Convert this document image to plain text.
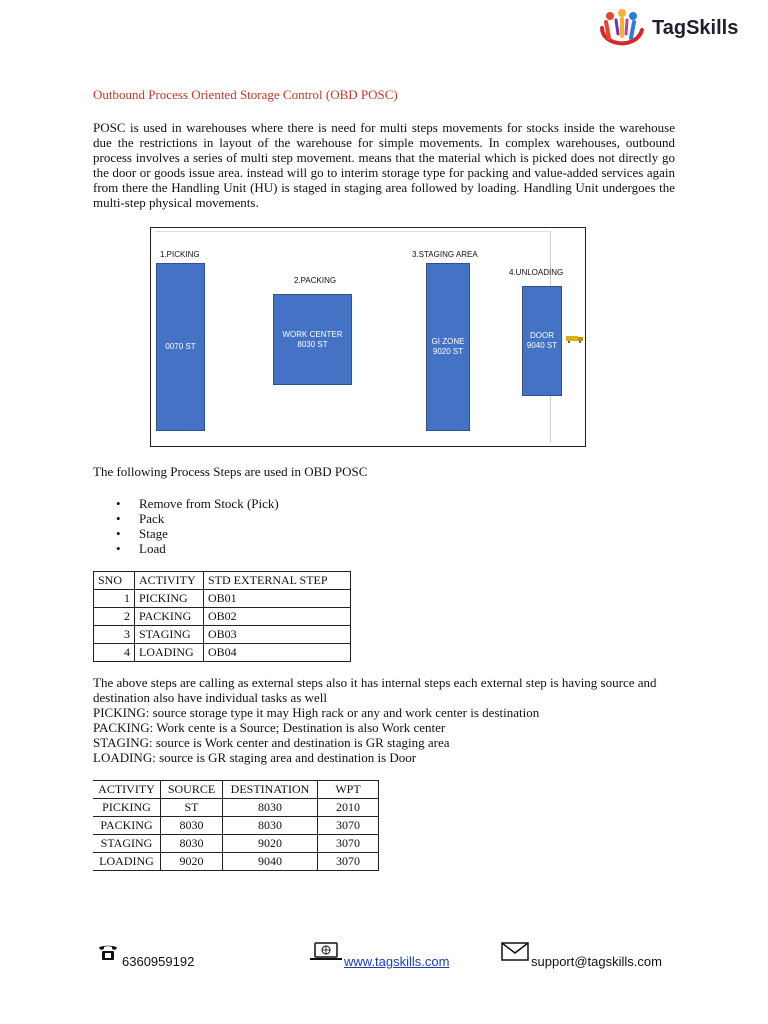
TagSkills
Outbound Process Oriented Storage Control (OBD POSC)
POSC is used in warehouses where there is need for multi steps movements for stocks inside the warehouse due the restrictions in layout of the warehouse for simple movements. In complex warehouses, outbound process involves a series of multi step movement. means that the material which is picked does not directly go the door or goods issue area. instead will go to interim storage type for packing and value-added services again from there the Handling Unit (HU) is staged in staging area followed by loading. Handling Unit undergoes the multi-step physical movements.
1.PICKING
2.PACKING
3.STAGING AREA
4.UNLOADING
0070 ST
WORK CENTER
8030 ST	GI ZONE
9020 ST
DOOR
9040 ST
The following Process Steps are used in OBD POSC
• Remove from Stock (Pick)
• Pack
• Stage
• Load
SNO	ACTIVITY	STD EXTERNAL STEP
1	PICKING	OB01
2	PACKING	OB02
3	STAGING	OB03
4	LOADING	OB04
The above steps are calling as external steps also it has internal steps each external step is having source and destination also have individual tasks as well
PICKING: source storage type it may High rack or any and work center is destination
PACKING: Work cente is a Source; Destination is also Work center
STAGING: source is Work center and destination is GR staging area
LOADING: source is GR staging area and destination is Door
ACTIVITY	SOURCE	DESTINATION	WPT
PICKING	ST	8030	2010
PACKING	8030	8030	3070
STAGING	8030	9020	3070
LOADING	9020	9040	3070
6360959192	www.tagskills.com	support@tagskills.com
